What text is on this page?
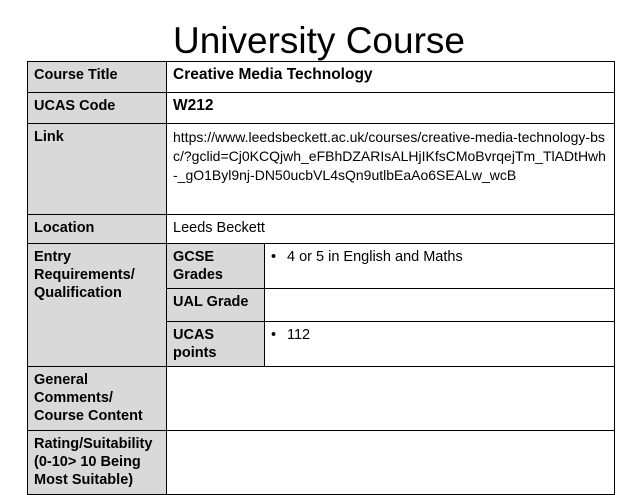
University Course
Course Title	Creative Media Technology	
UCAS Code	W212	
Link	https://www.leedsbeckett.ac.uk/courses/creative-media-technology-bsc/?gclid=Cj0KCQjwh_eFBhDZARIsALHjIKfsCMoBvrqejTm_TlADtHwh-_gO1Byl9nj-DN50ucbVL4sQn9utlbEaAo6SEALw_wcB	
Location	Leeds Beckett	
Entry Requirements/ Qualification	GCSE Grades	• 4 or 5 in English and Maths
	UAL Grade	
	UCAS points	• 112
General Comments/ Course Content		
Rating/Suitability (0-10> 10 Being Most Suitable)		
